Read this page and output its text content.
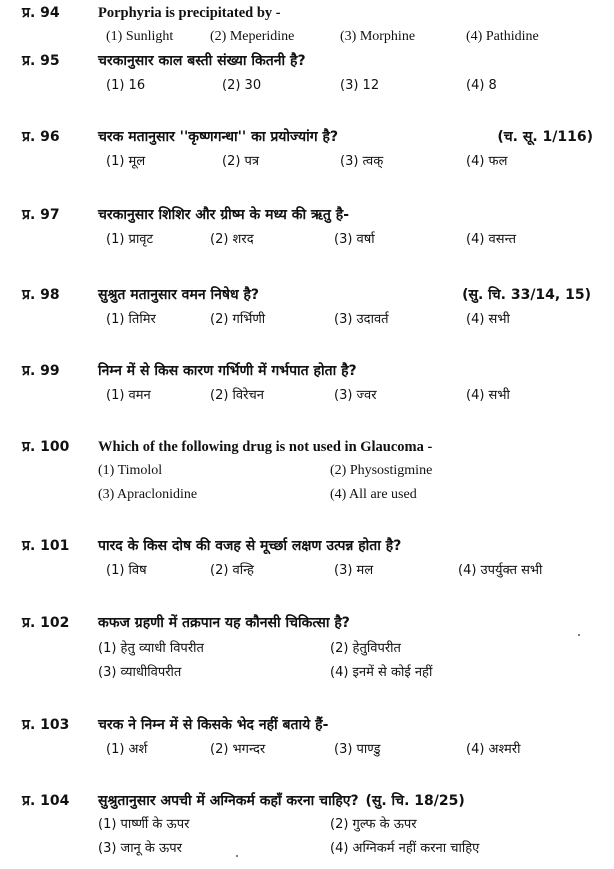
प्र. 94	Porphyria is precipitated by -
(1) Sunlight	(2) Meperidine	(3) Morphine	(4) Pathidine
प्र. 95	चरकानुसार काल बस्ती संख्या कितनी है?
(1) 16	(2) 30	(3) 12	(4) 8
प्र. 96	चरक मतानुसार ''कृष्णगन्धा'' का प्रयोज्यांग है?	(च. सू. 1/116)
(1) मूल	(2) पत्र	(3) त्वक्	(4) फल
प्र. 97	चरकानुसार शिशिर और ग्रीष्म के मध्य की ऋतु है-
(1) प्रावृट	(2) शरद	(3) वर्षा	(4) वसन्त
प्र. 98	सुश्रुत मतानुसार वमन निषेध है?	(सु. चि. 33/14, 15)
(1) तिमिर	(2) गर्भिणी	(3) उदावर्त	(4) सभी
प्र. 99	निम्न में से किस कारण गर्भिणी में गर्भपात होता है?
(1) वमन	(2) विरेचन	(3) ज्वर	(4) सभी
प्र. 100 Which of the following drug is not used in Glaucoma -
(1) Timolol	(2) Physostigmine
(3) Apraclonidine	(4) All are used
प्र. 101 पारद के किस दोष की वजह से मूर्च्छा लक्षण उत्पन्न होता है?
(1) विष	(2) वन्हि	(3) मल	(4) उपर्युक्त सभी
प्र. 102 कफज ग्रहणी में तक्रपान यह कौनसी चिकित्सा है?
(1) हेतु व्याधी विपरीत	(2) हेतुविपरीत
(3) व्याधीविपरीत	(4) इनमें से कोई नहीं
प्र. 103 चरक ने निम्न में से किसके भेद नहीं बताये हैं-
(1) अर्श	(2) भगन्दर	(3) पाण्डु	(4) अश्मरी
प्र. 104 सुश्रुतानुसार अपची में अग्निकर्म कहाँ करना चाहिए? (सु. चि. 18/25)
(1) पार्ष्णी के ऊपर	(2) गुल्फ के ऊपर
(3) जानू के ऊपर	(4) अग्निकर्म नहीं करना चाहिए
